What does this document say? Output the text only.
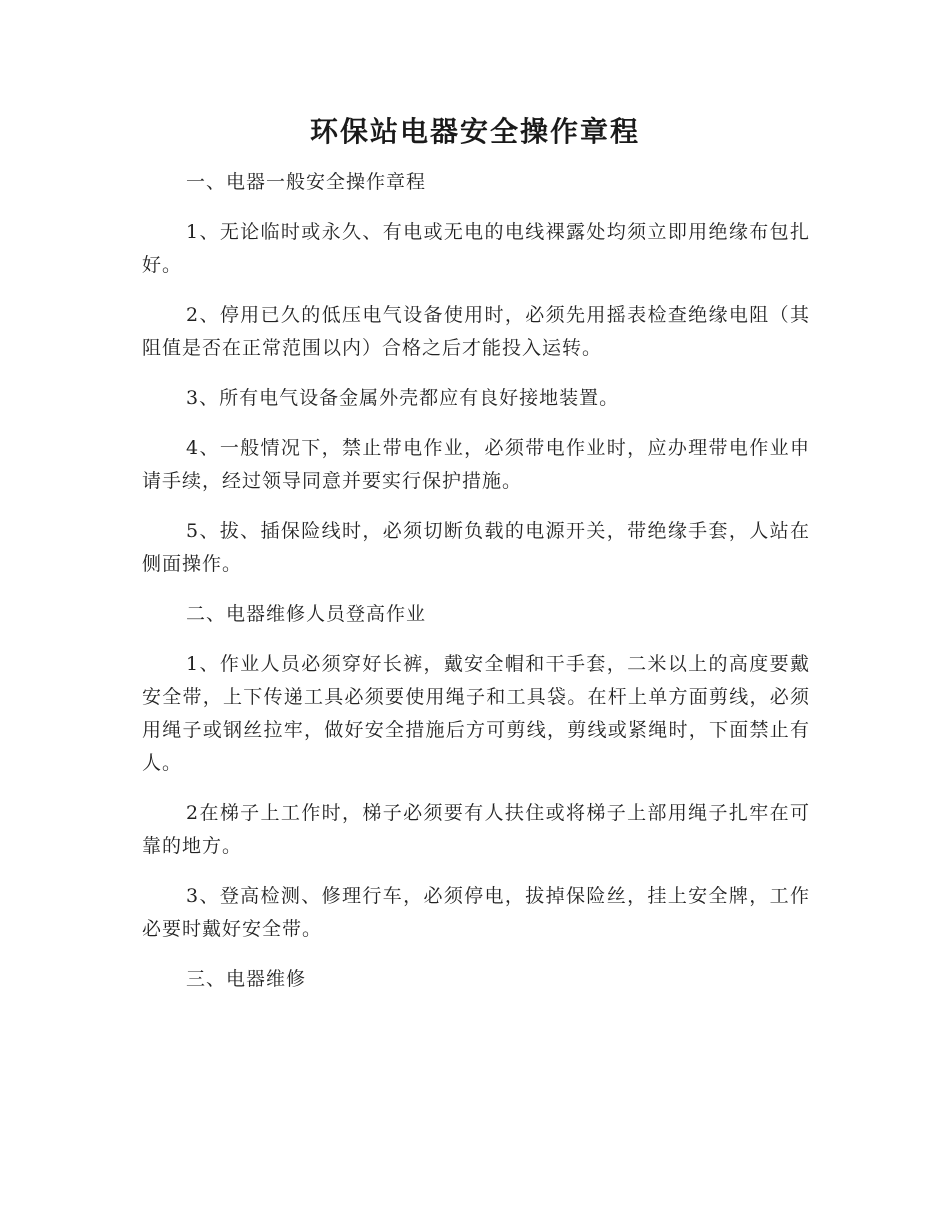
环保站电器安全操作章程

一、电器一般安全操作章程

1、无论临时或永久、有电或无电的电线裸露处均须立即用绝缘布包扎好。

2、停用已久的低压电气设备使用时，必须先用摇表检查绝缘电阻（其阻值是否在正常范围以内）合格之后才能投入运转。

3、所有电气设备金属外壳都应有良好接地装置。

4、一般情况下，禁止带电作业，必须带电作业时，应办理带电作业申请手续，经过领导同意并要实行保护措施。

5、拔、插保险线时，必须切断负载的电源开关，带绝缘手套，人站在侧面操作。

二、电器维修人员登高作业

1、作业人员必须穿好长裤，戴安全帽和干手套，二米以上的高度要戴安全带，上下传递工具必须要使用绳子和工具袋。在杆上单方面剪线，必须用绳子或钢丝拉牢，做好安全措施后方可剪线，剪线或紧绳时，下面禁止有人。

2在梯子上工作时，梯子必须要有人扶住或将梯子上部用绳子扎牢在可靠的地方。

3、登高检测、修理行车，必须停电，拔掉保险丝，挂上安全牌，工作必要时戴好安全带。

三、电器维修
